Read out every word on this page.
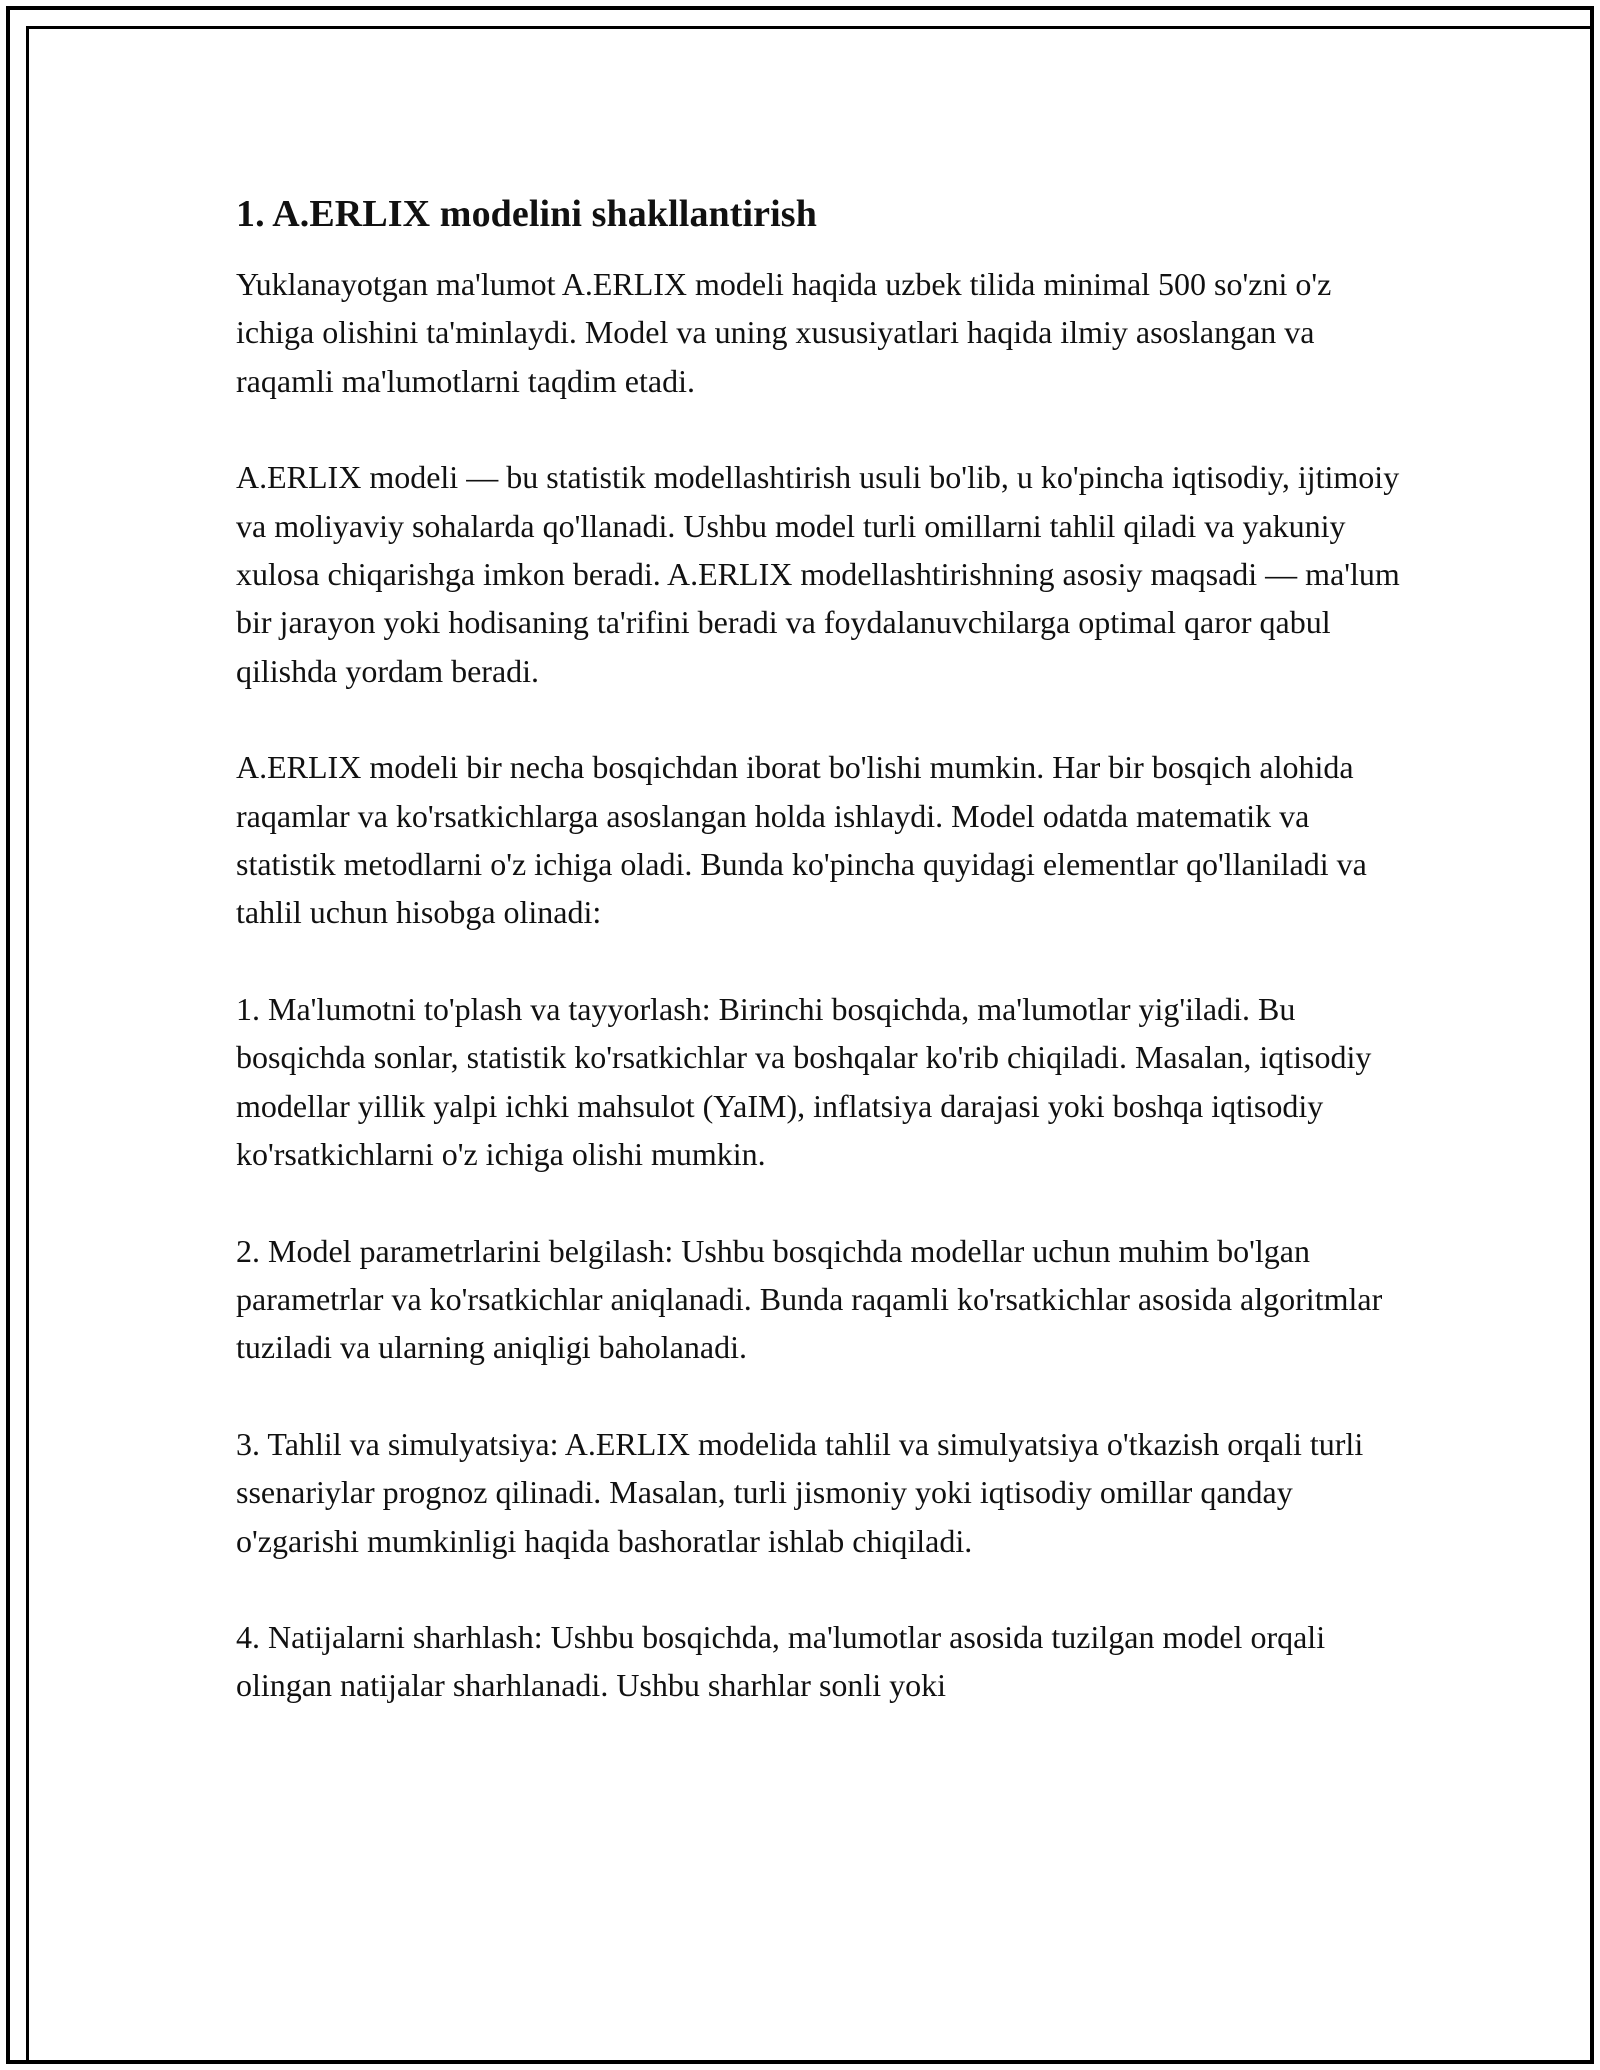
1. A.ERLIX modelini shakllantirish

Yuklanayotgan ma'lumot A.ERLIX modeli haqida uzbek tilida minimal 500 so'zni o'z ichiga olishini ta'minlaydi. Model va uning xususiyatlari haqida ilmiy asoslangan va raqamli ma'lumotlarni taqdim etadi.

A.ERLIX modeli — bu statistik modellashtirish usuli bo'lib, u ko'pincha iqtisodiy, ijtimoiy va moliyaviy sohalarda qo'llanadi. Ushbu model turli omillarni tahlil qiladi va yakuniy xulosa chiqarishga imkon beradi. A.ERLIX modellashtirishning asosiy maqsadi — ma'lum bir jarayon yoki hodisaning ta'rifini beradi va foydalanuvchilarga optimal qaror qabul qilishda yordam beradi.

A.ERLIX modeli bir necha bosqichdan iborat bo'lishi mumkin. Har bir bosqich alohida raqamlar va ko'rsatkichlarga asoslangan holda ishlaydi. Model odatda matematik va statistik metodlarni o'z ichiga oladi. Bunda ko'pincha quyidagi elementlar qo'llaniladi va tahlil uchun hisobga olinadi:

1. Ma'lumotni to'plash va tayyorlash: Birinchi bosqichda, ma'lumotlar yig'iladi. Bu bosqichda sonlar, statistik ko'rsatkichlar va boshqalar ko'rib chiqiladi. Masalan, iqtisodiy modellar yillik yalpi ichki mahsulot (YaIM), inflatsiya darajasi yoki boshqa iqtisodiy ko'rsatkichlarni o'z ichiga olishi mumkin.

2. Model parametrlarini belgilash: Ushbu bosqichda modellar uchun muhim bo'lgan parametrlar va ko'rsatkichlar aniqlanadi. Bunda raqamli ko'rsatkichlar asosida algoritmlar tuziladi va ularning aniqligi baholanadi.

3. Tahlil va simulyatsiya: A.ERLIX modelida tahlil va simulyatsiya o'tkazish orqali turli ssenariylar prognoz qilinadi. Masalan, turli jismoniy yoki iqtisodiy omillar qanday o'zgarishi mumkinligi haqida bashoratlar ishlab chiqiladi.

4. Natijalarni sharhlash: Ushbu bosqichda, ma'lumotlar asosida tuzilgan model orqali olingan natijalar sharhlanadi. Ushbu sharhlar sonli yoki
